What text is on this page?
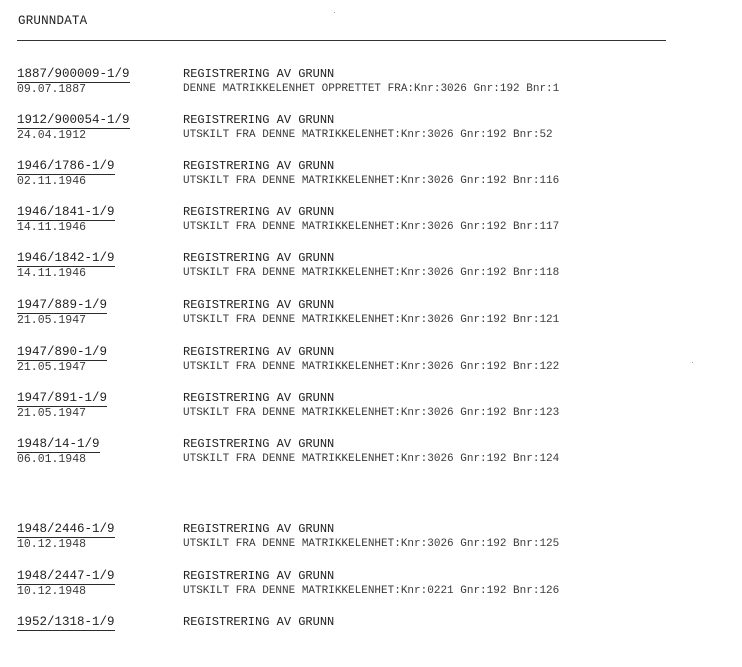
GRUNNDATA
1887/900009-1/9
09.07.1887
REGISTRERING AV GRUNN
DENNE MATRIKKELENHET OPPRETTET FRA:Knr:3026 Gnr:192 Bnr:1
1912/900054-1/9
24.04.1912
REGISTRERING AV GRUNN
UTSKILT FRA DENNE MATRIKKELENHET:Knr:3026 Gnr:192 Bnr:52
1946/1786-1/9
02.11.1946
REGISTRERING AV GRUNN
UTSKILT FRA DENNE MATRIKKELENHET:Knr:3026 Gnr:192 Bnr:116
1946/1841-1/9
14.11.1946
REGISTRERING AV GRUNN
UTSKILT FRA DENNE MATRIKKELENHET:Knr:3026 Gnr:192 Bnr:117
1946/1842-1/9
14.11.1946
REGISTRERING AV GRUNN
UTSKILT FRA DENNE MATRIKKELENHET:Knr:3026 Gnr:192 Bnr:118
1947/889-1/9
21.05.1947
REGISTRERING AV GRUNN
UTSKILT FRA DENNE MATRIKKELENHET:Knr:3026 Gnr:192 Bnr:121
1947/890-1/9
21.05.1947
REGISTRERING AV GRUNN
UTSKILT FRA DENNE MATRIKKELENHET:Knr:3026 Gnr:192 Bnr:122
1947/891-1/9
21.05.1947
REGISTRERING AV GRUNN
UTSKILT FRA DENNE MATRIKKELENHET:Knr:3026 Gnr:192 Bnr:123
1948/14-1/9
06.01.1948
REGISTRERING AV GRUNN
UTSKILT FRA DENNE MATRIKKELENHET:Knr:3026 Gnr:192 Bnr:124
1948/2446-1/9
10.12.1948
REGISTRERING AV GRUNN
UTSKILT FRA DENNE MATRIKKELENHET:Knr:3026 Gnr:192 Bnr:125
1948/2447-1/9
10.12.1948
REGISTRERING AV GRUNN
UTSKILT FRA DENNE MATRIKKELENHET:Knr:0221 Gnr:192 Bnr:126
1952/1318-1/9	REGISTRERING AV GRUNN
